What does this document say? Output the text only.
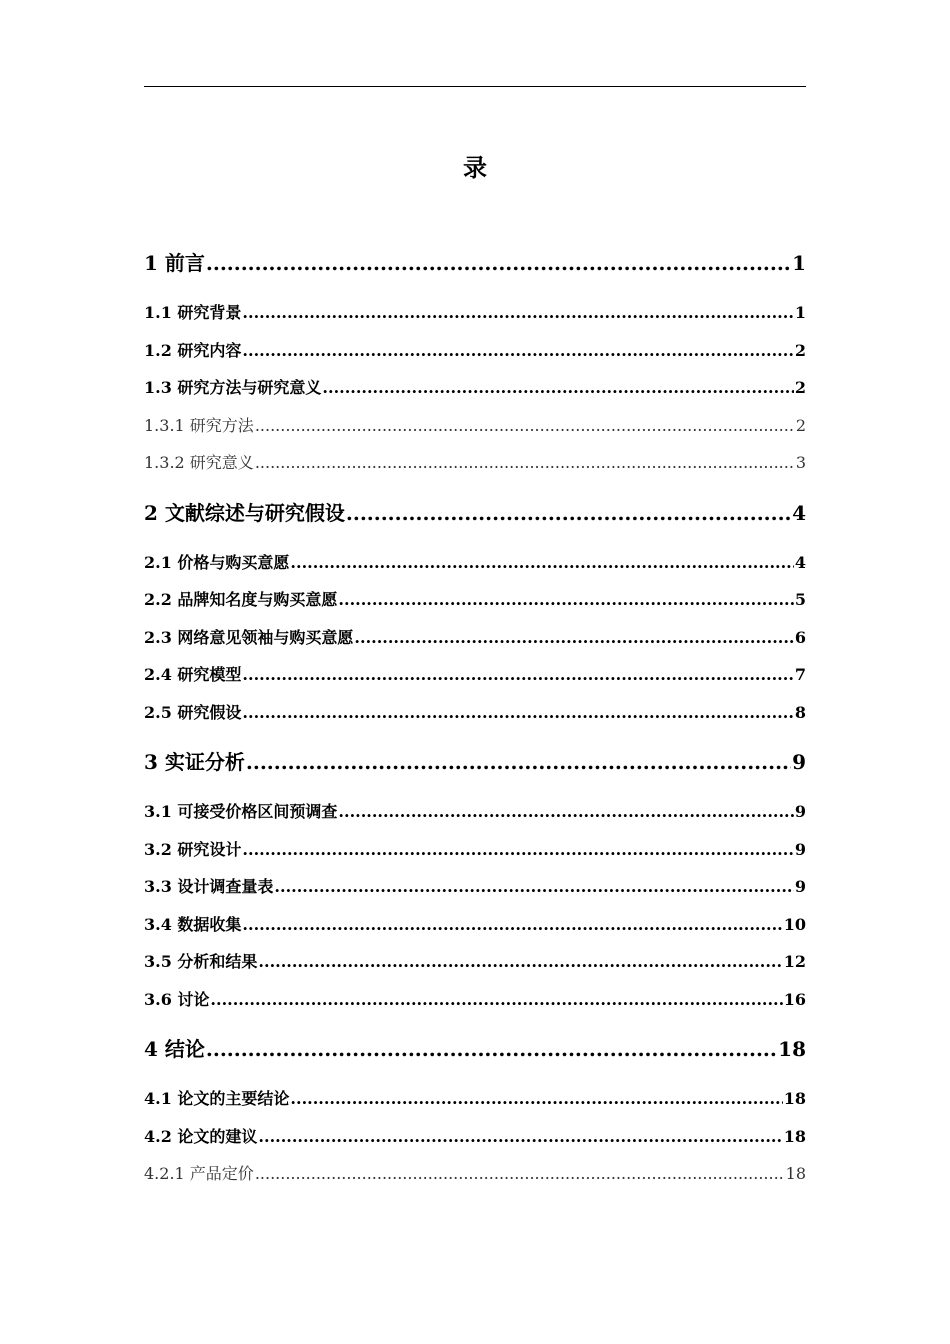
录
1 前言 .....	1
1.1 研究背景 .....	1
1.2 研究内容 .....	2
1.3 研究方法与研究意义 .....	2
1.3.1 研究方法 .....	2
1.3.2 研究意义 .....	3
2 文献综述与研究假设 .....	4
2.1 价格与购买意愿 .....	4
2.2 品牌知名度与购买意愿 .....	5
2.3 网络意见领袖与购买意愿 .....	6
2.4 研究模型 .....	7
2.5 研究假设 .....	8
3 实证分析 .....	9
3.1 可接受价格区间预调查 .....	9
3.2 研究设计 .....	9
3.3 设计调查量表 .....	9
3.4 数据收集 .....	10
3.5 分析和结果 .....	12
3.6 讨论 .....	16
4 结论 .....	18
4.1 论文的主要结论 .....	18
4.2 论文的建议 .....	18
4.2.1 产品定价 .....	18
